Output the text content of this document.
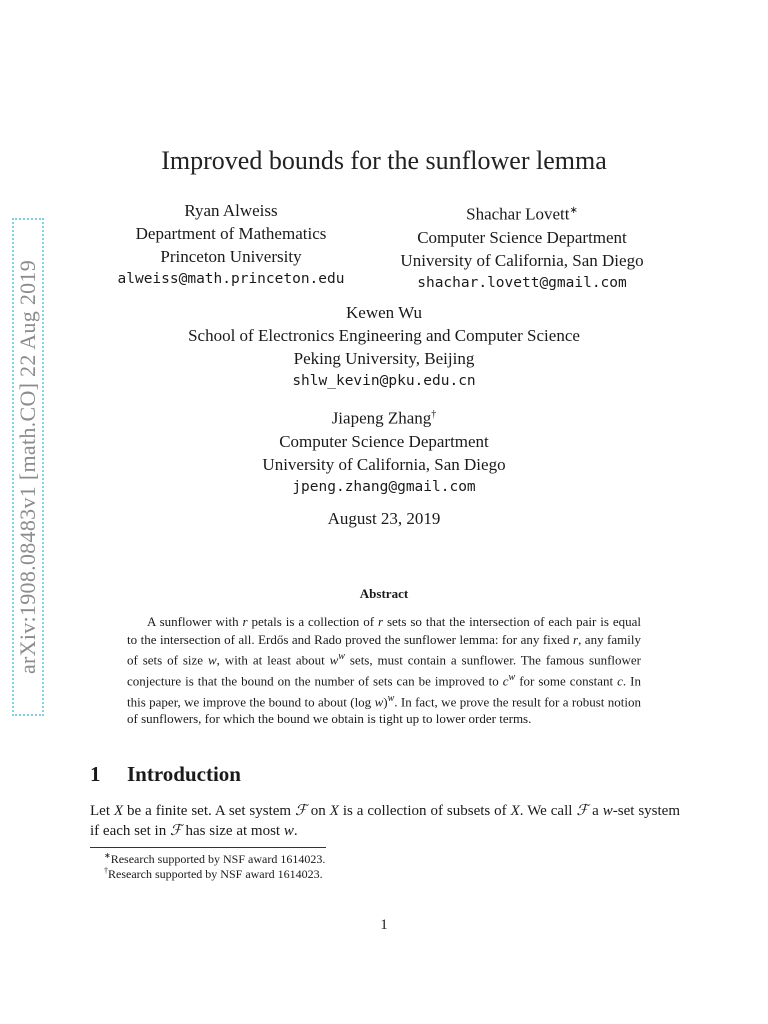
arXiv:1908.08483v1 [math.CO] 22 Aug 2019
Improved bounds for the sunflower lemma
Ryan Alweiss
Department of Mathematics
Princeton University
alweiss@math.princeton.edu
Shachar Lovett∗
Computer Science Department
University of California, San Diego
shachar.lovett@gmail.com
Kewen Wu
School of Electronics Engineering and Computer Science
Peking University, Beijing
shlw_kevin@pku.edu.cn
Jiapeng Zhang†
Computer Science Department
University of California, San Diego
jpeng.zhang@gmail.com
August 23, 2019
Abstract
A sunflower with r petals is a collection of r sets so that the intersection of each pair is equal to the intersection of all. Erdős and Rado proved the sunflower lemma: for any fixed r, any family of sets of size w, with at least about $w^w$ sets, must contain a sunflower. The famous sunflower conjecture is that the bound on the number of sets can be improved to $c^w$ for some constant c. In this paper, we improve the bound to about (log w)$^w$. In fact, we prove the result for a robust notion of sunflowers, for which the bound we obtain is tight up to lower order terms.
1 Introduction
Let X be a finite set. A set system ℱ on X is a collection of subsets of X. We call ℱ a w-set system if each set in ℱ has size at most w.
∗Research supported by NSF award 1614023.
†Research supported by NSF award 1614023.
1
